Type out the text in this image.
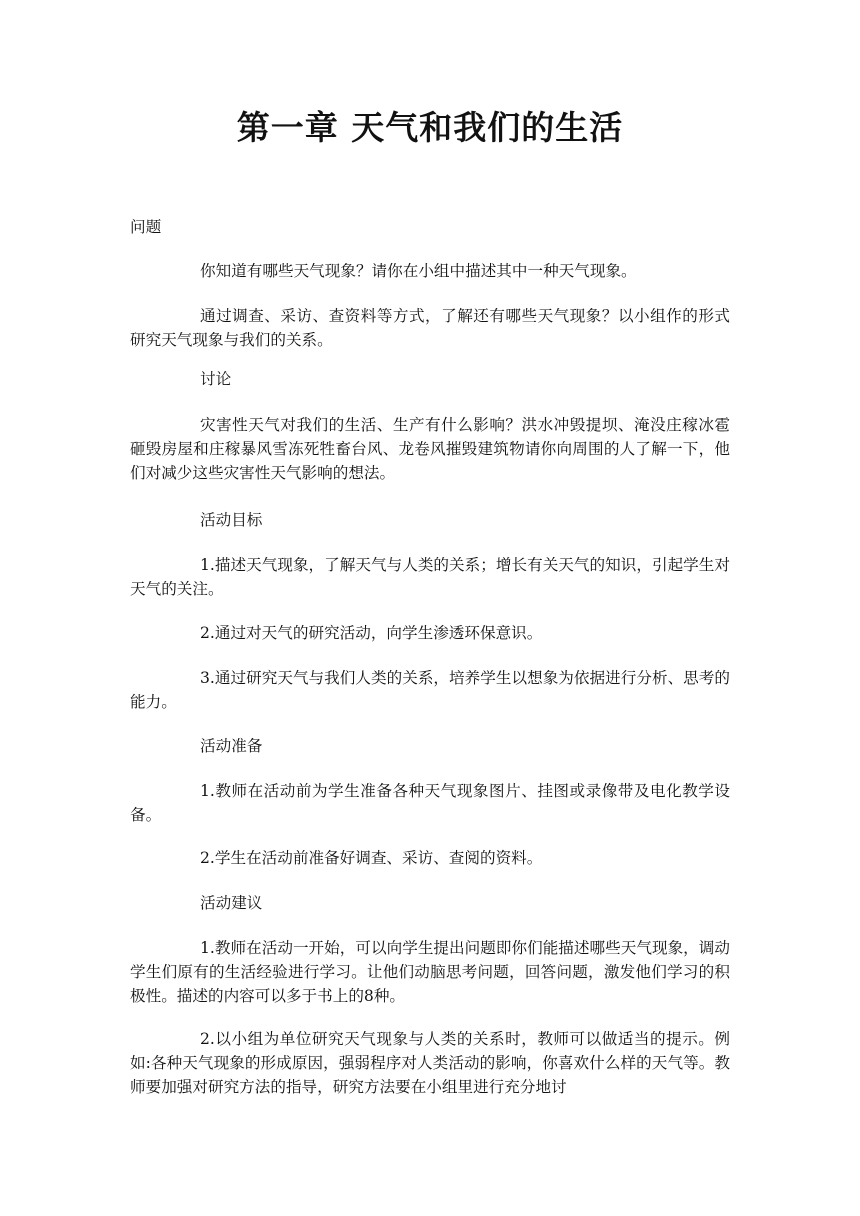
第一章 天气和我们的生活

问题

你知道有哪些天气现象？请你在小组中描述其中一种天气现象。

通过调查、采访、查资料等方式，了解还有哪些天气现象？以小组作的形式研究天气现象与我们的关系。

讨论

灾害性天气对我们的生活、生产有什么影响？洪水冲毁提坝、淹没庄稼冰雹砸毁房屋和庄稼暴风雪冻死牲畜台风、龙卷风摧毁建筑物请你向周围的人了解一下，他们对减少这些灾害性天气影响的想法。

活动目标

1.描述天气现象，了解天气与人类的关系；增长有关天气的知识，引起学生对天气的关注。

2.通过对天气的研究活动，向学生渗透环保意识。

3.通过研究天气与我们人类的关系，培养学生以想象为依据进行分析、思考的能力。

活动准备

1.教师在活动前为学生准备各种天气现象图片、挂图或录像带及电化教学设备。

2.学生在活动前准备好调查、采访、查阅的资料。

活动建议

1.教师在活动一开始，可以向学生提出问题即你们能描述哪些天气现象，调动学生们原有的生活经验进行学习。让他们动脑思考问题，回答问题，激发他们学习的积极性。描述的内容可以多于书上的8种。

2.以小组为单位研究天气现象与人类的关系时，教师可以做适当的提示。例如:各种天气现象的形成原因，强弱程序对人类活动的影响，你喜欢什么样的天气等。教师要加强对研究方法的指导，研究方法要在小组里进行充分地讨
